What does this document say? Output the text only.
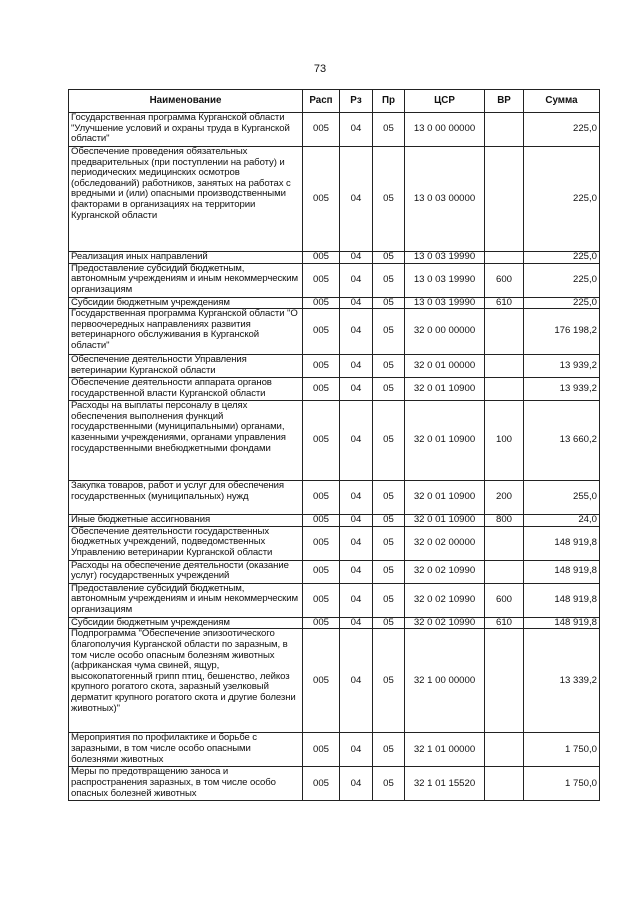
73
Наименование	Расп	Рз	Пр	ЦСР	ВР	Сумма
Государственная программа Курганской области "Улучшение условий и охраны труда в Курганской области"	005	04	05	13 0 00 00000		225,0
Обеспечение проведения обязательных предварительных (при поступлении на работу) и периодических медицинских осмотров (обследований) работников, занятых на работах с вредными и (или) опасными производственными факторами в организациях на территории Курганской области	005	04	05	13 0 03 00000		225,0
Реализация иных направлений	005	04	05	13 0 03 19990		225,0
Предоставление субсидий бюджетным, автономным учреждениям и иным некоммерческим организациям	005	04	05	13 0 03 19990	600	225,0
Субсидии бюджетным учреждениям	005	04	05	13 0 03 19990	610	225,0
Государственная программа Курганской области "О первоочередных направлениях развития ветеринарного обслуживания в Курганской области"	005	04	05	32 0 00 00000		176 198,2
Обеспечение деятельности Управления ветеринарии Курганской области	005	04	05	32 0 01 00000		13 939,2
Обеспечение деятельности аппарата органов государственной власти Курганской области	005	04	05	32 0 01 10900		13 939,2
Расходы на выплаты персоналу в целях обеспечения выполнения функций государственными (муниципальными) органами, казенными учреждениями, органами управления государственными внебюджетными фондами	005	04	05	32 0 01 10900	100	13 660,2
Закупка товаров, работ и услуг для обеспечения государственных (муниципальных) нужд	005	04	05	32 0 01 10900	200	255,0
Иные бюджетные ассигнования	005	04	05	32 0 01 10900	800	24,0
Обеспечение деятельности государственных бюджетных учреждений, подведомственных Управлению ветеринарии Курганской области	005	04	05	32 0 02 00000		148 919,8
Расходы на обеспечение деятельности (оказание услуг) государственных учреждений	005	04	05	32 0 02 10990		148 919,8
Предоставление субсидий бюджетным, автономным учреждениям и иным некоммерческим организациям	005	04	05	32 0 02 10990	600	148 919,8
Субсидии бюджетным учреждениям	005	04	05	32 0 02 10990	610	148 919,8
Подпрограмма "Обеспечение эпизоотического благополучия Курганской области по заразным, в том числе особо опасным болезням животных (африканская чума свиней, ящур, высокопатогенный грипп птиц, бешенство, лейкоз крупного рогатого скота, заразный узелковый дерматит крупного рогатого скота и другие болезни животных)"	005	04	05	32 1 00 00000		13 339,2
Мероприятия по профилактике и борьбе с заразными, в том числе особо опасными болезнями животных	005	04	05	32 1 01 00000		1 750,0
Меры по предотвращению заноса и распространения заразных, в том числе особо опасных болезней животных	005	04	05	32 1 01 15520		1 750,0
